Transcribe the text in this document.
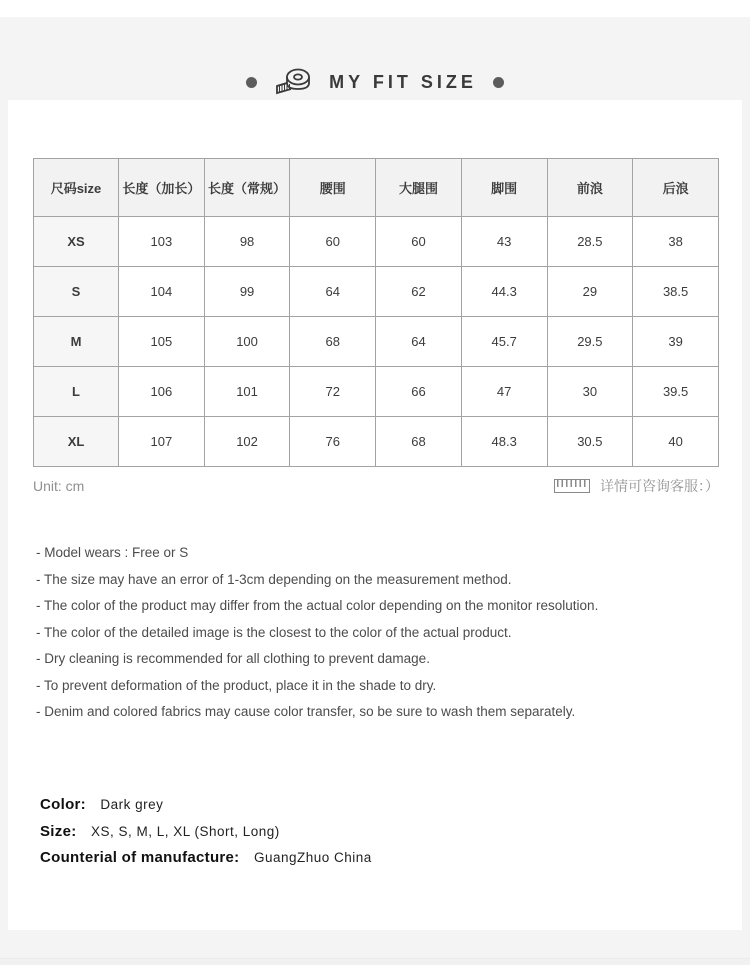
MY FIT SIZE
尺码size	长度（加长）	长度（常规）	腰围	大腿围	脚围	前浪	后浪
XS	103	98	60	60	43	28.5	38
S	104	99	64	62	44.3	29	38.5
M	105	100	68	64	45.7	29.5	39
L	106	101	72	66	47	30	39.5
XL	107	102	76	68	48.3	30.5	40
Unit: cm	详情可咨询客服：）
- Model wears : Free or S
- The size may have an error of 1-3cm depending on the measurement method.
- The color of the product may differ from the actual color depending on the monitor resolution.
- The color of the detailed image is the closest to the color of the actual product.
- Dry cleaning is recommended for all clothing to prevent damage.
- To prevent deformation of the product, place it in the shade to dry.
- Denim and colored fabrics may cause color transfer, so be sure to wash them separately.
Color: Dark grey
Size: XS, S, M, L, XL (Short, Long)
Counterial of manufacture: GuangZhuo China
